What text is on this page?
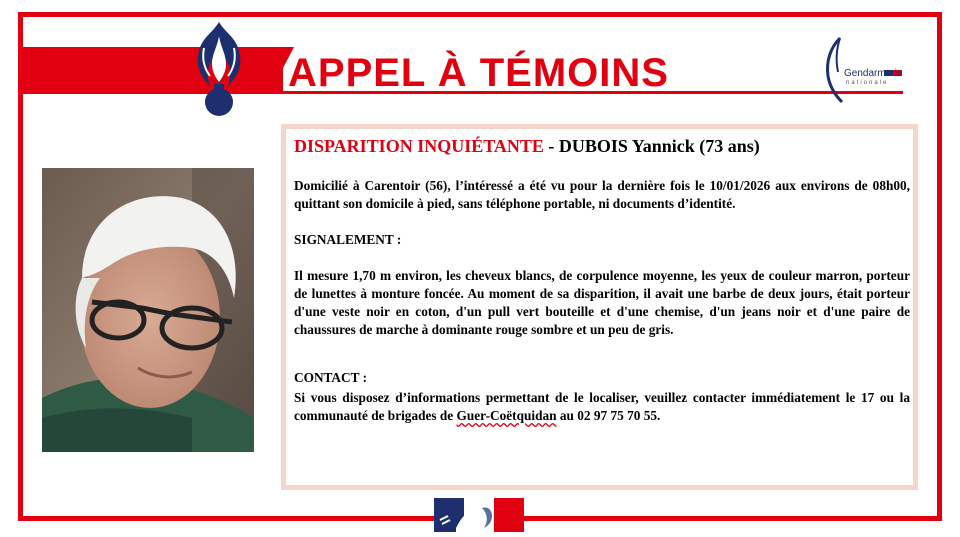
APPEL À TÉMOINS	Gendarmerie
nationale

DISPARITION INQUIÉTANTE - DUBOIS Yannick (73 ans)

Domicilié à Carentoir (56), l’intéressé a été vu pour la dernière fois le 10/01/2026 aux environs de 08h00, quittant son domicile à pied, sans téléphone portable, ni documents d’identité.

SIGNALEMENT :

Il mesure 1,70 m environ, les cheveux blancs, de corpulence moyenne, les yeux de couleur marron, porteur de lunettes à monture foncée. Au moment de sa disparition, il avait une barbe de deux jours, était porteur d'une veste noir en coton, d'un pull vert bouteille et d'une chemise, d'un jeans noir et d'une paire de chaussures de marche à dominante rouge sombre et un peu de gris.

CONTACT :

Si vous disposez d’informations permettant de le localiser, veuillez contacter immédiatement le 17 ou la communauté de brigades de Guer-Coëtquidan au 02 97 75 70 55.
